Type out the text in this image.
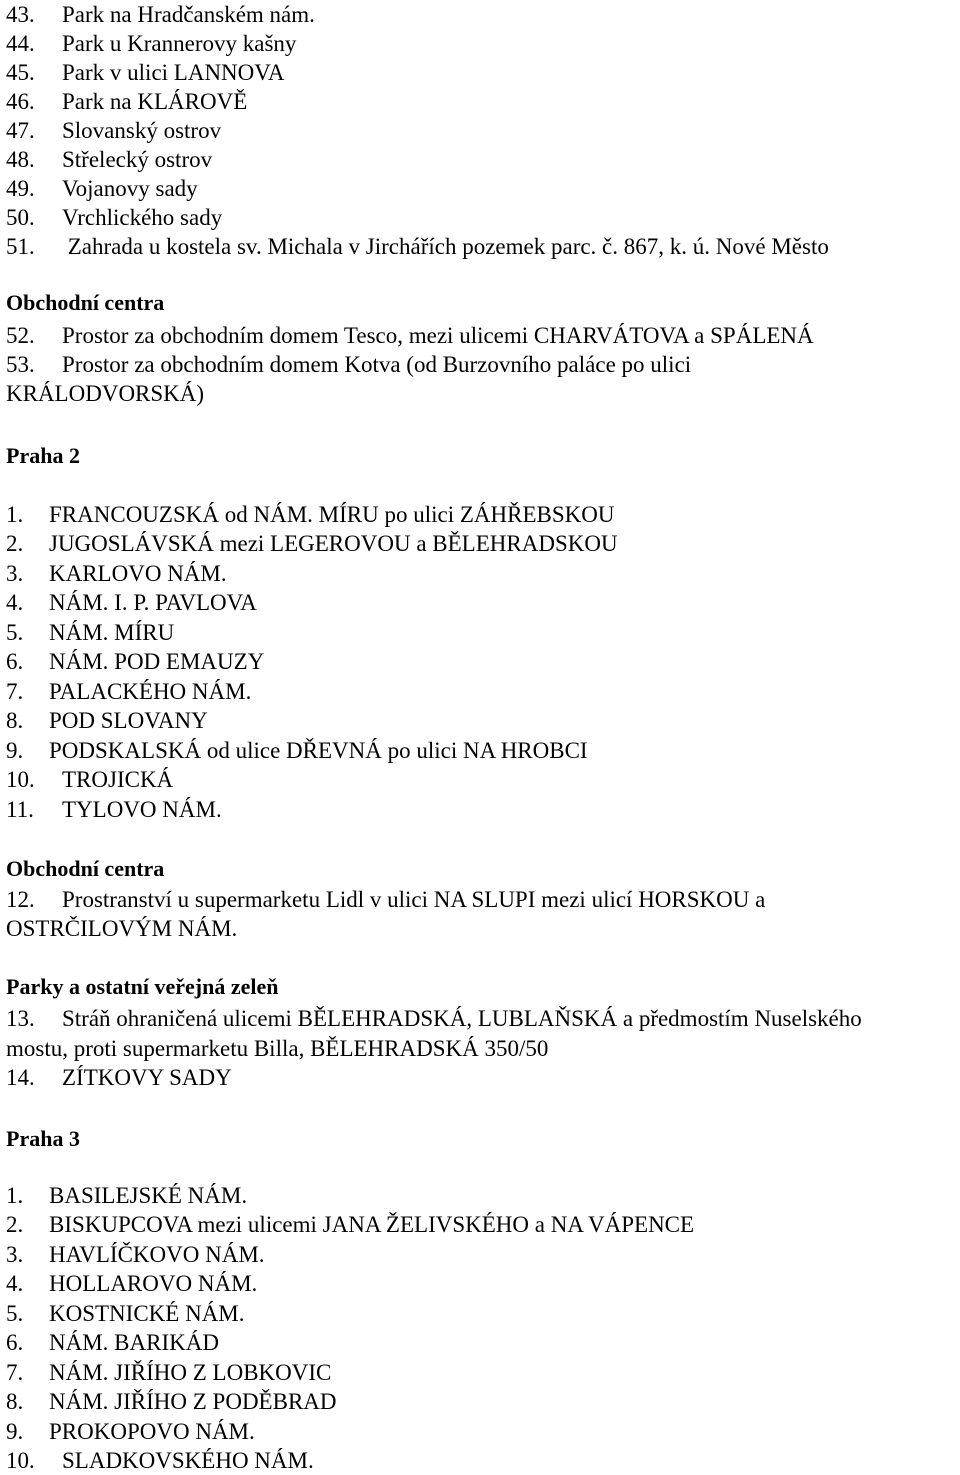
43. Park na Hradčanském nám.
44. Park u Krannerovy kašny
45. Park v ulici LANNOVA
46. Park na KLÁROVĚ
47. Slovanský ostrov
48. Střelecký ostrov
49. Vojanovy sady
50. Vrchlického sady
51. Zahrada u kostela sv. Michala v Jirchářích pozemek parc. č. 867, k. ú. Nové Město
Obchodní centra
52. Prostor za obchodním domem Tesco, mezi ulicemi CHARVÁTOVA a SPÁLENÁ
53. Prostor za obchodním domem Kotva (od Burzovního paláce po ulici
KRÁLODVORSKÁ)
Praha 2
1. FRANCOUZSKÁ od NÁM. MÍRU po ulici ZÁHŘEBSKOU
2. JUGOSLÁVSKÁ mezi LEGEROVOU a BĚLEHRADSKOU
3. KARLOVO NÁM.
4. NÁM. I. P. PAVLOVA
5. NÁM. MÍRU
6. NÁM. POD EMAUZY
7. PALACKÉHO NÁM.
8. POD SLOVANY
9. PODSKALSKÁ od ulice DŘEVNÁ po ulici NA HROBCI
10. TROJICKÁ
11. TYLOVO NÁM.
Obchodní centra
12. Prostranství u supermarketu Lidl v ulici NA SLUPI mezi ulicí HORSKOU a
OSTRČILOVÝM NÁM.
Parky a ostatní veřejná zeleň
13. Stráň ohraničená ulicemi BĚLEHRADSKÁ, LUBLAŇSKÁ a předmostím Nuselského
mostu, proti supermarketu Billa, BĚLEHRADSKÁ 350/50
14. ZÍTKOVY SADY
Praha 3
1. BASILEJSKÉ NÁM.
2. BISKUPCOVA mezi ulicemi JANA ŽELIVSKÉHO a NA VÁPENCE
3. HAVLÍČKOVO NÁM.
4. HOLLAROVO NÁM.
5. KOSTNICKÉ NÁM.
6. NÁM. BARIKÁD
7. NÁM. JIŘÍHO Z LOBKOVIC
8. NÁM. JIŘÍHO Z PODĚBRAD
9. PROKOPOVO NÁM.
10. SLADKOVSKÉHO NÁM.
